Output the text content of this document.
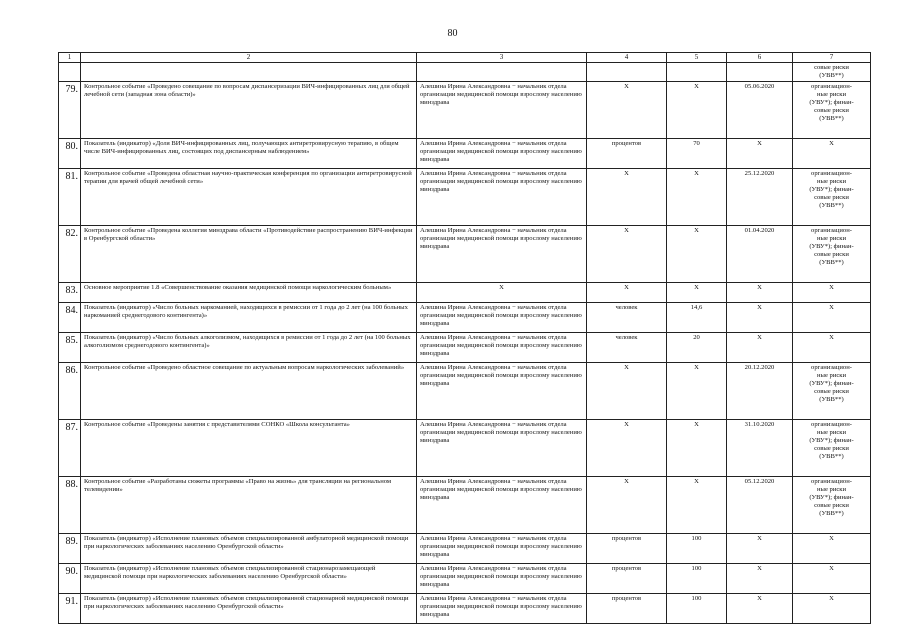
80
1	2	3	4	5	6	7

						совые риски
(УВВ**)

79.	Контрольное событие «Проведено совещание по вопросам диспансеризации ВИЧ-инфицированных лиц для общей лечебной сети (западная зона области)»	Алешина Ирина Александровна − начальник отдела организации медицинской помощи взрослому населению минздрава	Х	Х	05.06.2020	организацион-
ные риски
(УВУ*); финан-
совые риски
(УВВ**)

80.	Показатель (индикатор) «Доля ВИЧ-инфицированных лиц, получающих антиретровирусную терапию, в общем числе ВИЧ-инфицированных лиц, состоящих под диспансерным наблюдением»	Алешина Ирина Александровна − начальник отдела организации медицинской помощи взрослому населению минздрава	процентов	70	Х	Х
81.	Контрольное событие «Проведена областная научно-практическая конференция по организации антиретровирусной терапии для врачей общей лечебной сети»	Алешина Ирина Александровна − начальник отдела организации медицинской помощи взрослому населению минздрава	Х	Х	25.12.2020	организацион-
ные риски
(УВУ*); финан-
совые риски
(УВВ**)

82.	Контрольное событие «Проведена коллегия минздрава области «Противодействие распространению ВИЧ-инфекции в Оренбургской области»	Алешина Ирина Александровна − начальник отдела организации медицинской помощи взрослому населению минздрава	Х	Х	01.04.2020	организацион-
ные риски
(УВУ*); финан-
совые риски
(УВВ**)

83.	Основное мероприятие 1.8 «Совершенствование оказания медицинской помощи наркологическим больным»	Х	Х	Х	Х	Х
84.	Показатель (индикатор) «Число больных наркоманией, находящихся в ремиссии от 1 года до 2 лет (на 100 больных наркоманией среднегодового контингента)»	Алешина Ирина Александровна − начальник отдела организации медицинской помощи взрослому населению минздрава	человек	14,6	Х	Х
85.	Показатель (индикатор) «Число больных алкоголизмом, находящихся в ремиссии от 1 года до 2 лет (на 100 больных алкоголизмом среднегодового контингента)»	Алешина Ирина Александровна − начальник отдела организации медицинской помощи взрослому населению минздрава	человек	20	Х	Х
86.	Контрольное событие «Проведено областное совещание по актуальным вопросам наркологических заболеваний»	Алешина Ирина Александровна − начальник отдела организации медицинской помощи взрослому населению минздрава	Х	Х	20.12.2020	организацион-
ные риски
(УВУ*); финан-
совые риски
(УВВ**)

87.	Контрольное событие «Проведены занятия с представителями СОНКО «Школа консультанта»	Алешина Ирина Александровна − начальник отдела организации медицинской помощи взрослому населению минздрава	Х	Х	31.10.2020	организацион-
ные риски
(УВУ*); финан-
совые риски
(УВВ**)

88.	Контрольное событие «Разработаны сюжеты программы «Право на жизнь» для трансляции на региональном телевидении»	Алешина Ирина Александровна − начальник отдела организации медицинской помощи взрослому населению минздрава	Х	Х	05.12.2020	организацион-
ные риски
(УВУ*); финан-
совые риски
(УВВ**)

89.	Показатель (индикатор) «Исполнение плановых объемов специализированной амбулаторной медицинской помощи при наркологических заболеваниях населению Оренбургской области»	Алешина Ирина Александровна − начальник отдела организации медицинской помощи взрослому населению минздрава	процентов	100	Х	Х
90.	Показатель (индикатор) «Исполнение плановых объемов специализированной стационарозамещающей медицинской помощи при наркологических заболеваниях населению Оренбургской области»	Алешина Ирина Александровна − начальник отдела организации медицинской помощи взрослому населению минздрава	процентов	100	Х	Х
91.	Показатель (индикатор) «Исполнение плановых объемов специализированной стационарной медицинской помощи при наркологических заболеваниях населению Оренбургской области»	Алешина Ирина Александровна − начальник отдела организации медицинской помощи взрослому населению минздрава	процентов	100	Х	Х
